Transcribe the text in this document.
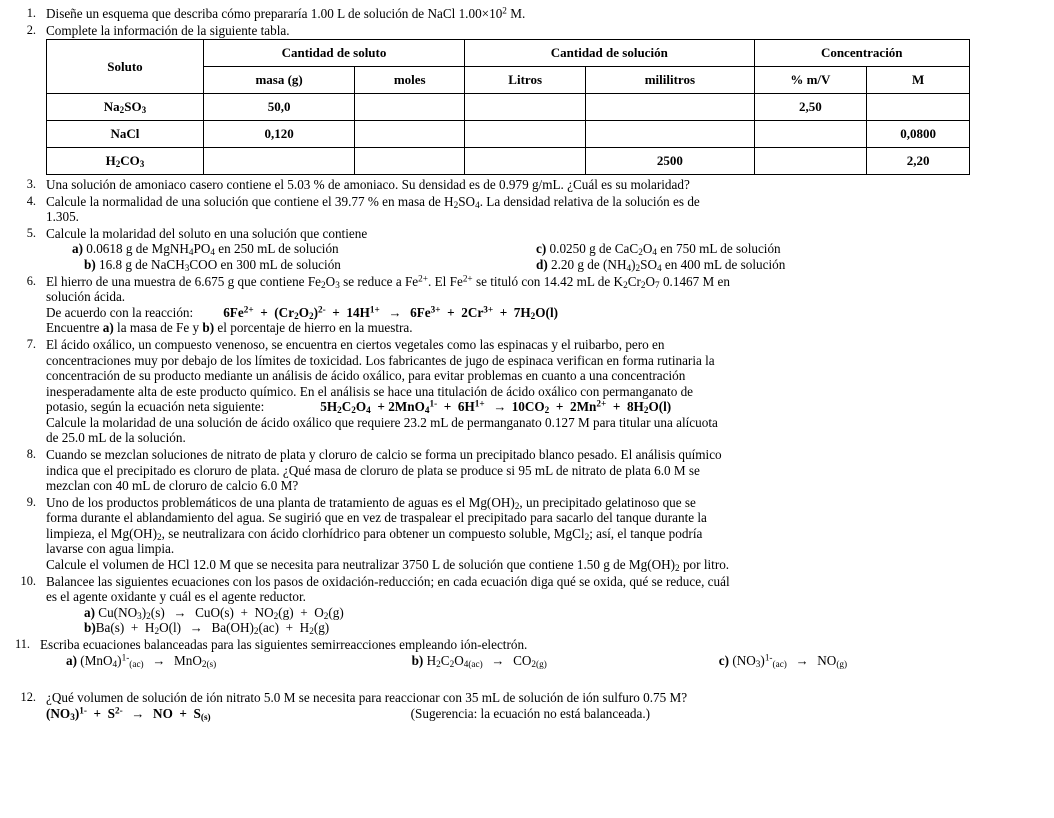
1. Diseñe un esquema que describa cómo prepararía 1.00 L de solución de NaCl $1.00\times 10^2$ M.
2. Complete la información de la siguiente tabla.
Soluto	Cantidad de soluto		Cantidad de solución		Concentración	
	masa (g)	moles	Litros	mililitros	% m/V	M
$Na_2SO_3$	50,0				2,50	
NaCl	0,120					0,0800
$H_2CO_3$				2500		2,20
3. Una solución de amoniaco casero contiene el 5.03 % de amoniaco. Su densidad es de 0.979 g/mL. ¿Cuál es su molaridad?
4. Calcule la normalidad de una solución que contiene el 39.77 % en masa de $H_2SO_4$. La densidad relativa de la solución es de
1.305.
5. Calcule la molaridad del soluto en una solución que contiene
a) 0.0618 g de $MgNH_4PO_4$ en 250 mL de solución
b) 16.8 g de NaCH$_3$COO en 300 mL de solución
c) 0.0250 g de $CaC_2O_4$ en 750 mL de solución
d) 2.20 g de $(NH_4)_2SO_4$ en 400 mL de solución
6. El hierro de una muestra de 6.675 g que contiene $Fe_2O_3$ se reduce a $Fe^{2+}$. El $Fe^{2+}$ se tituló con 14.42 mL de $K_2Cr_2O_7$ 0.1467 M en
solución ácida.
De acuerdo con la reacción: $6Fe^{2+} + (Cr_2O_2)^{2-} + 14H^{1+} \to 6Fe^{3+} + 2Cr^{3+} + 7H_2O(l)$
Encuentre a) la masa de Fe y b) el porcentaje de hierro en la muestra.
7. El ácido oxálico, un compuesto venenoso, se encuentra en ciertos vegetales como las espinacas y el ruibarbo, pero en
concentraciones muy por debajo de los límites de toxicidad. Los fabricantes de jugo de espinaca verifican en forma rutinaria la
concentración de su producto mediante un análisis de ácido oxálico, para evitar problemas en cuanto a una concentración
inesperadamente alta de este producto químico. En el análisis se hace una titulación de ácido oxálico con permanganato de
potasio, según la ecuación neta siguiente:	$5H_2C_2O_4 + 2MnO_4^{1-} + 6H^{1+} \to 10CO_2 + 2Mn^{2+} + 8H_2O(l)$
Calcule la molaridad de una solución de ácido oxálico que requiere 23.2 mL de permanganato 0.127 M para titular una alícuota
de 25.0 mL de la solución.
8. Cuando se mezclan soluciones de nitrato de plata y cloruro de calcio se forma un precipitado blanco pesado. El análisis químico
indica que el precipitado es cloruro de plata. ¿Qué masa de cloruro de plata se produce si 95 mL de nitrato de plata 6.0 M se
mezclan con 40 mL de cloruro de calcio 6.0 M?
9. Uno de los productos problemáticos de una planta de tratamiento de aguas es el $Mg(OH)_2$, un precipitado gelatinoso que se
forma durante el ablandamiento del agua. Se sugirió que en vez de traspalear el precipitado para sacarlo del tanque durante la
limpieza, el $Mg(OH)_2$, se neutralizara con ácido clorhídrico para obtener un compuesto soluble, MgCl$_2$; así, el tanque podría
lavarse con agua limpia.
Calcule el volumen de HCl 12.0 M que se necesita para neutralizar 3750 L de solución que contiene 1.50 g de $Mg(OH)_2$ por litro.
10. Balancee las siguientes ecuaciones con los pasos de oxidación-reducción; en cada ecuación diga qué se oxida, qué se reduce, cuál
es el agente oxidante y cuál es el agente reductor.
a) $Cu(NO_3)_2(s) \to CuO(s) + NO_2(g) + O_2(g)$
$b)Ba(s) + H_2O(l) \to Ba(OH)_2(ac) + H_2(g)$
11. Escriba ecuaciones balanceadas para las siguientes semirreacciones empleando ión-electrón.
a) $(MnO_4)^{1-}_{(ac)} \to MnO_{2(s)}$	b) $H_2C_2O_{4(ac)} \to CO_{2(g)}$	c) $(NO_3)^{1-}_{(ac)} \to NO_{(g)}$
12. ¿Qué volumen de solución de ión nitrato 5.0 M se necesita para reaccionar con 35 mL de solución de ión sulfuro 0.75 M?
$(NO_3)^{1-} + S^{2-}$ →  NO  +  $S_{(s)}$	(Sugerencia: la ecuación no está balanceada.)
